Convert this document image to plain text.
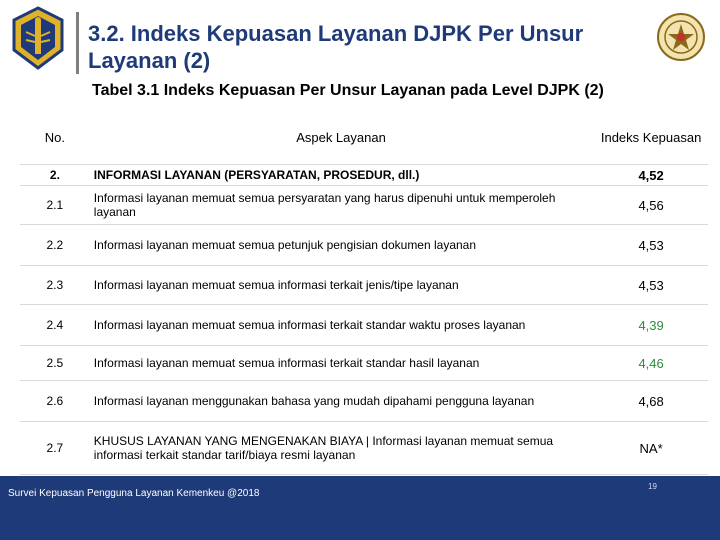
3.2. Indeks Kepuasan Layanan DJPK Per Unsur Layanan (2)
Tabel 3.1 Indeks Kepuasan Per Unsur Layanan pada Level DJPK (2)
No.	Aspek Layanan	Indeks Kepuasan
2.	INFORMASI LAYANAN (PERSYARATAN, PROSEDUR, dll.)	4,52
2.1	Informasi layanan memuat semua persyaratan yang harus dipenuhi untuk memperoleh layanan	4,56
2.2	Informasi layanan memuat semua petunjuk pengisian dokumen layanan	4,53
2.3	Informasi layanan memuat semua informasi terkait jenis/tipe layanan	4,53
2.4	Informasi layanan memuat semua informasi terkait standar waktu proses layanan	4,39
2.5	Informasi layanan memuat semua informasi terkait standar hasil layanan	4,46
2.6	Informasi layanan menggunakan bahasa yang mudah dipahami pengguna layanan	4,68
2.7	KHUSUS LAYANAN YANG MENGENAKAN BIAYA | Informasi layanan memuat semua informasi terkait standar tarif/biaya resmi layanan	NA*
Survei Kepuasan Pengguna Layanan Kemenkeu @2018
19
